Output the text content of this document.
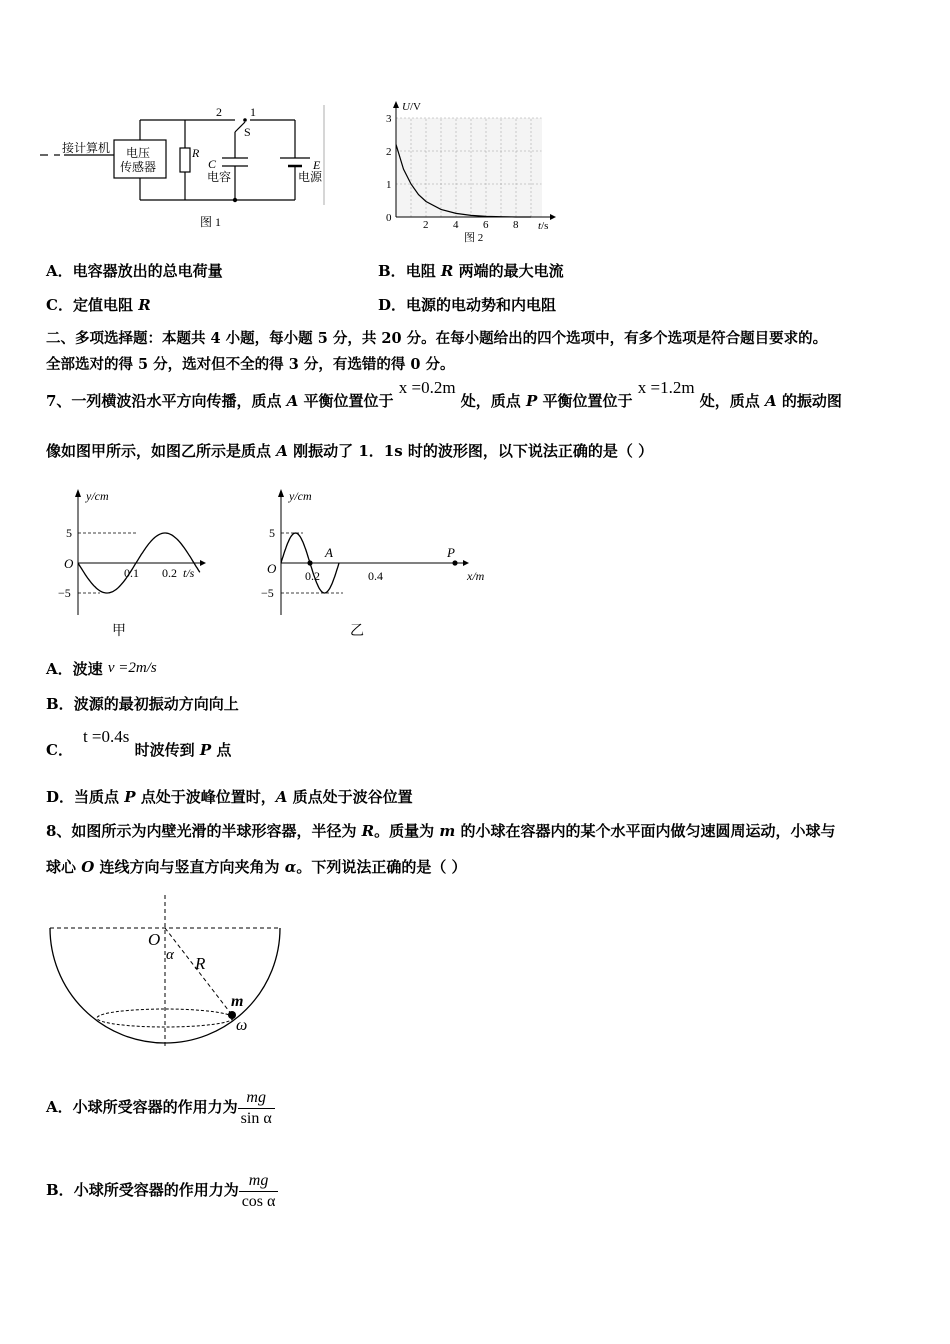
接计算机 电压
传感器
R
2 1
S
C
电容
E
电源
图 1	2 4 6 8
0
1
2
3
U/V
t/s
图 2
A．电容器放出的总电荷量	B．电阻 R 两端的最大电流
C．定值电阻 R	D．电源的电动势和内电阻
二、多项选择题：本题共 4 小题，每小题 5 分，共 20 分。在每小题给出的四个选项中，有多个选项是符合题目要求的。
全部选对的得 5 分，选对但不全的得 3 分，有选错的得 0 分。
7、一列横波沿水平方向传播，质点 A 平衡位置位于 x =0.2m 处，质点 P 平衡位置位于 x =1.2m 处，质点 A 的振动图
像如图甲所示，如图乙所示是质点 A 刚振动了 1．1s 时的波形图，以下说法正确的是（ ）
y/cm
5
−5
O
0.1 0.2 t/s
甲
y/cm
5
−5
O 0.2	0.4
A	P
x/m
乙
A．波速 v =2m/s
B．波源的最初振动方向向上
C．t =0.4s 时波传到 P 点
D．当质点 P 点处于波峰位置时，A 质点处于波谷位置
8、如图所示为内壁光滑的半球形容器，半径为 R。质量为 m 的小球在容器内的某个水平面内做匀速圆周运动，小球与
球心 O 连线方向与竖直方向夹角为 α。下列说法正确的是（ ）
O
α R
m
ω
A．小球所受容器的作用力为 $\frac{mg}{\text{sin α}}$
B．小球所受容器的作用力为 $\frac{mg}{\text{cos α}}$
